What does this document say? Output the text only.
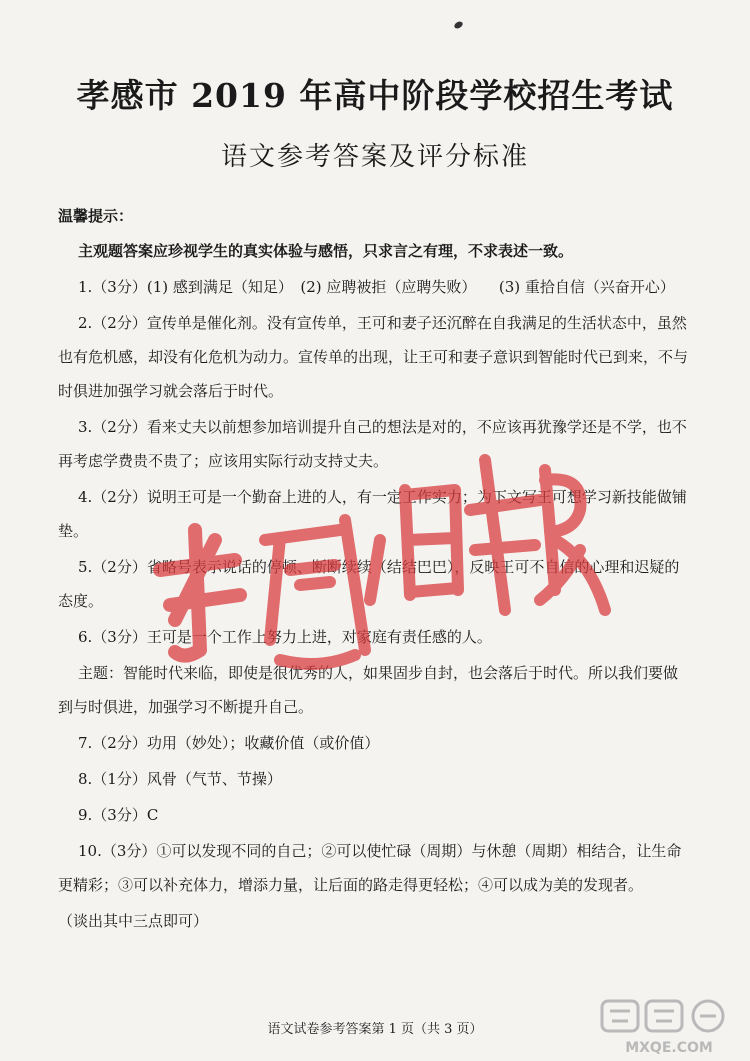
孝感市 2019 年高中阶段学校招生考试
语文参考答案及评分标准
温馨提示：

主观题答案应珍视学生的真实体验与感悟，只求言之有理，不求表述一致。

1.（3分）(1) 感到满足（知足）　(2) 应聘被拒（应聘失败）　　(3) 重拾自信（兴奋开心）

2.（2分）宣传单是催化剂。没有宣传单，王可和妻子还沉醉在自我满足的生活状态中，虽然也有危机感，却没有化危机为动力。宣传单的出现，让王可和妻子意识到智能时代已到来，不与时俱进加强学习就会落后于时代。

3.（2分）看来丈夫以前想参加培训提升自己的想法是对的，不应该再犹豫学还是不学，也不再考虑学费贵不贵了；应该用实际行动支持丈夫。

4.（2分）说明王可是一个勤奋上进的人，有一定工作实力；为下文写王可想学习新技能做铺垫。

5.（2分）省略号表示说话的停顿、断断续续（结结巴巴），反映王可不自信的心理和迟疑的态度。

6.（3分）王可是一个工作上努力上进，对家庭有责任感的人。

主题：智能时代来临，即使是很优秀的人，如果固步自封，也会落后于时代。所以我们要做到与时俱进，加强学习不断提升自己。

7.（2分）功用（妙处）；收藏价值（或价值）

8.（1分）风骨（气节、节操）

9.（3分）C

10.（3分）①可以发现不同的自己；②可以使忙碌（周期）与休憩（周期）相结合，让生命更精彩；③可以补充体力，增添力量，让后面的路走得更轻松；④可以成为美的发现者。

（谈出其中三点即可）

语文试卷参考答案第 1 页（共 3 页）
MXQE.COM
